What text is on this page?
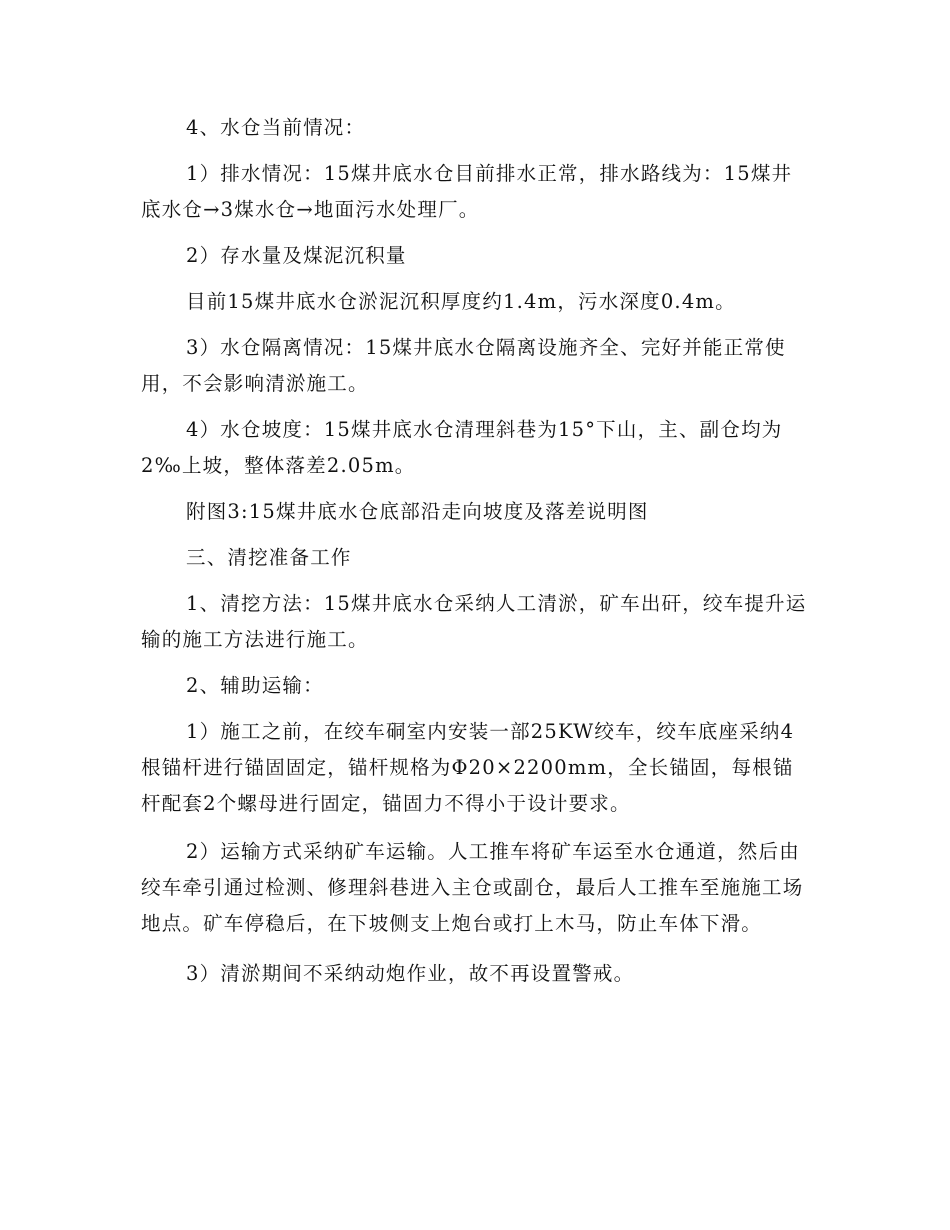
4、水仓当前情况：

1）排水情况：15煤井底水仓目前排水正常，排水路线为：15煤井底水仓→3煤水仓→地面污水处理厂。

2）存水量及煤泥沉积量

目前15煤井底水仓淤泥沉积厚度约1.4m，污水深度0.4m。

3）水仓隔离情况：15煤井底水仓隔离设施齐全、完好并能正常使用，不会影响清淤施工。

4）水仓坡度：15煤井底水仓清理斜巷为15°下山，主、副仓均为2‰上坡，整体落差2.05m。

附图3:15煤井底水仓底部沿走向坡度及落差说明图

三、清挖准备工作

1、清挖方法：15煤井底水仓采纳人工清淤，矿车出矸，绞车提升运输的施工方法进行施工。

2、辅助运输：

1）施工之前，在绞车硐室内安装一部25KW绞车，绞车底座采纳4根锚杆进行锚固固定，锚杆规格为Φ20×2200mm，全长锚固，每根锚杆配套2个螺母进行固定，锚固力不得小于设计要求。

2）运输方式采纳矿车运输。人工推车将矿车运至水仓通道，然后由绞车牵引通过检测、修理斜巷进入主仓或副仓，最后人工推车至施施工场地点。矿车停稳后，在下坡侧支上炮台或打上木马，防止车体下滑。

3）清淤期间不采纳动炮作业，故不再设置警戒。
